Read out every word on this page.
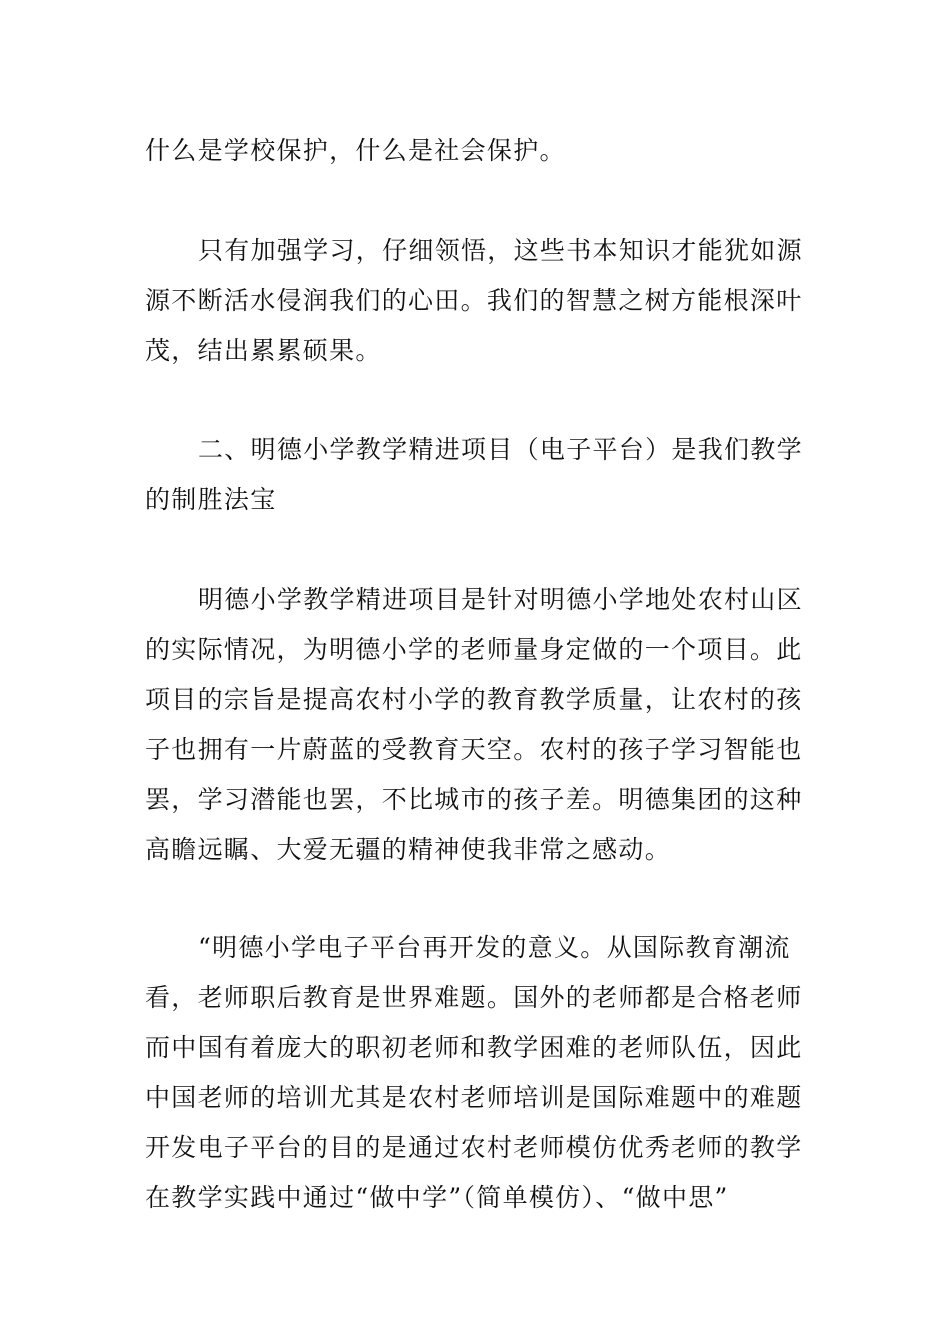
什么是学校保护，什么是社会保护。

只有加强学习，仔细领悟，这些书本知识才能犹如源

源不断活水侵润我们的心田。我们的智慧之树方能根深叶

茂，结出累累硕果。

二、明德小学教学精进项目（电子平台）是我们教学

的制胜法宝

明德小学教学精进项目是针对明德小学地处农村山区

的实际情况，为明德小学的老师量身定做的一个项目。此

项目的宗旨是提高农村小学的教育教学质量，让农村的孩

子也拥有一片蔚蓝的受教育天空。农村的孩子学习智能也

罢，学习潜能也罢，不比城市的孩子差。明德集团的这种

高瞻远瞩、大爱无疆的精神使我非常之感动。

“明德小学电子平台再开发的意义。从国际教育潮流

看，老师职后教育是世界难题。国外的老师都是合格老师

而中国有着庞大的职初老师和教学困难的老师队伍，因此

中国老师的培训尤其是农村老师培训是国际难题中的难题

开发电子平台的目的是通过农村老师模仿优秀老师的教学

在教学实践中通过“做中学”（简单模仿）、“做中思”
